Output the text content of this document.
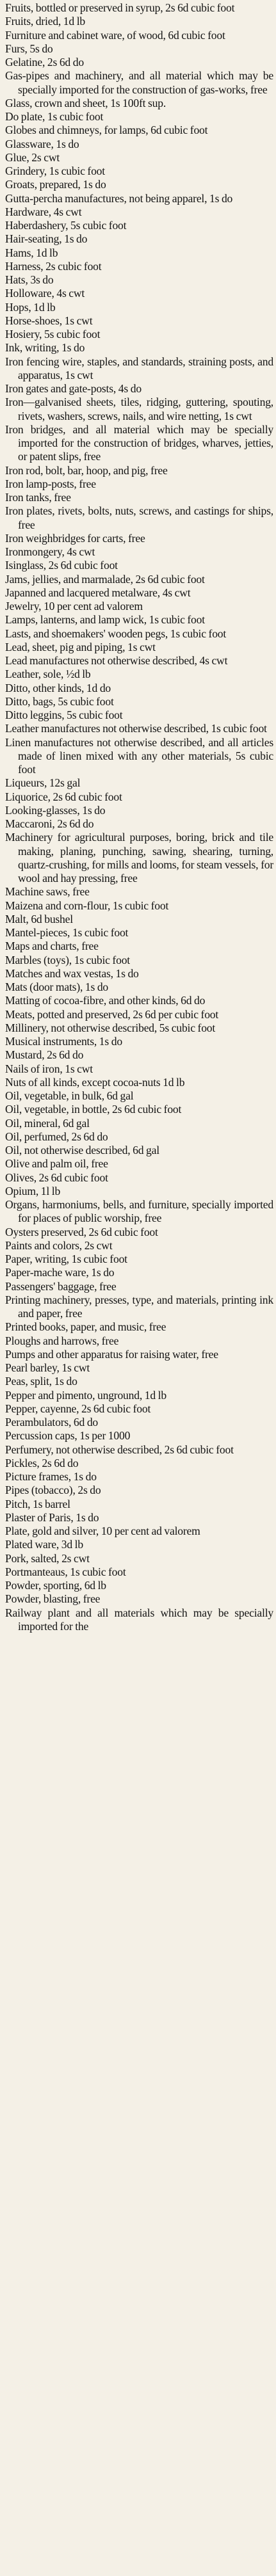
Fruits, bottled or preserved in syrup, 2s 6d cubic foot

Fruits, dried, 1d lb

Furniture and cabinet ware, of wood, 6d cubic foot

Furs, 5s do

Gelatine, 2s 6d do

Gas-pipes and machinery, and all material which may be specially imported for the construction of gas-works, free

Glass, crown and sheet, 1s 100ft sup.

Do plate, 1s cubic foot

Globes and chimneys, for lamps, 6d cubic foot

Glassware, 1s do

Glue, 2s cwt

Grindery, 1s cubic foot

Groats, prepared, 1s do

Gutta-percha manufactures, not being apparel, 1s do

Hardware, 4s cwt

Haberdashery, 5s cubic foot

Hair-seating, 1s do

Hams, 1d lb

Harness, 2s cubic foot

Hats, 3s do

Holloware, 4s cwt

Hops, 1d lb

Horse-shoes, 1s cwt

Hosiery, 5s cubic foot

Ink, writing, 1s do

Iron fencing wire, staples, and standards, straining posts, and apparatus, 1s cwt

Iron gates and gate-posts, 4s do

Iron—galvanised sheets, tiles, ridging, guttering, spouting, rivets, washers, screws, nails, and wire netting, 1s cwt

Iron bridges, and all material which may be specially imported for the construction of bridges, wharves, jetties, or patent slips, free

Iron rod, bolt, bar, hoop, and pig, free

Iron lamp-posts, free

Iron tanks, free

Iron plates, rivets, bolts, nuts, screws, and castings for ships, free

Iron weighbridges for carts, free

Ironmongery, 4s cwt

Isinglass, 2s 6d cubic foot

Jams, jellies, and marmalade, 2s 6d cubic foot

Japanned and lacquered metalware, 4s cwt

Jewelry, 10 per cent ad valorem

Lamps, lanterns, and lamp wick, 1s cubic foot

Lasts, and shoemakers' wooden pegs, 1s cubic foot

Lead, sheet, pig and piping, 1s cwt

Lead manufactures not otherwise described, 4s cwt

Leather, sole, ½d lb

Ditto, other kinds, 1d do

Ditto, bags, 5s cubic foot

Ditto leggins, 5s cubic foot

Leather manufactures not otherwise described, 1s cubic foot

Linen manufactures not otherwise described, and all articles made of linen mixed with any other materials, 5s cubic foot

Liqueurs, 12s gal

Liquorice, 2s 6d cubic foot

Looking-glasses, 1s do

Maccaroni, 2s 6d do

Machinery for agricultural purposes, boring, brick and tile making, planing, punching, sawing, shearing, turning, quartz-crushing, for mills and looms, for steam vessels, for wool and hay pressing, free

Machine saws, free

Maizena and corn-flour, 1s cubic foot

Malt, 6d bushel

Mantel-pieces, 1s cubic foot

Maps and charts, free

Marbles (toys), 1s cubic foot

Matches and wax vestas, 1s do

Mats (door mats), 1s do

Matting of cocoa-fibre, and other kinds, 6d do

Meats, potted and preserved, 2s 6d per cubic foot

Millinery, not otherwise described, 5s cubic foot

Musical instruments, 1s do

Mustard, 2s 6d do

Nails of iron, 1s cwt

Nuts of all kinds, except cocoa-nuts 1d lb

Oil, vegetable, in bulk, 6d gal

Oil, vegetable, in bottle, 2s 6d cubic foot

Oil, mineral, 6d gal

Oil, perfumed, 2s 6d do

Oil, not otherwise described, 6d gal

Olive and palm oil, free

Olives, 2s 6d cubic foot

Opium, 1l lb

Organs, harmoniums, bells, and furniture, specially imported for places of public worship, free

Oysters preserved, 2s 6d cubic foot

Paints and colors, 2s cwt

Paper, writing, 1s cubic foot

Paper-mache ware, 1s do

Passengers' baggage, free

Printing machinery, presses, type, and materials, printing ink and paper, free

Printed books, paper, and music, free

Ploughs and harrows, free

Pumps and other apparatus for raising water, free

Pearl barley, 1s cwt

Peas, split, 1s do

Pepper and pimento, unground, 1d lb

Pepper, cayenne, 2s 6d cubic foot

Perambulators, 6d do

Percussion caps, 1s per 1000

Perfumery, not otherwise described, 2s 6d cubic foot

Pickles, 2s 6d do

Picture frames, 1s do

Pipes (tobacco), 2s do

Pitch, 1s barrel

Plaster of Paris, 1s do

Plate, gold and silver, 10 per cent ad valorem

Plated ware, 3d lb

Pork, salted, 2s cwt

Portmanteaus, 1s cubic foot

Powder, sporting, 6d lb

Powder, blasting, free

Railway plant and all materials which may be specially imported for the
